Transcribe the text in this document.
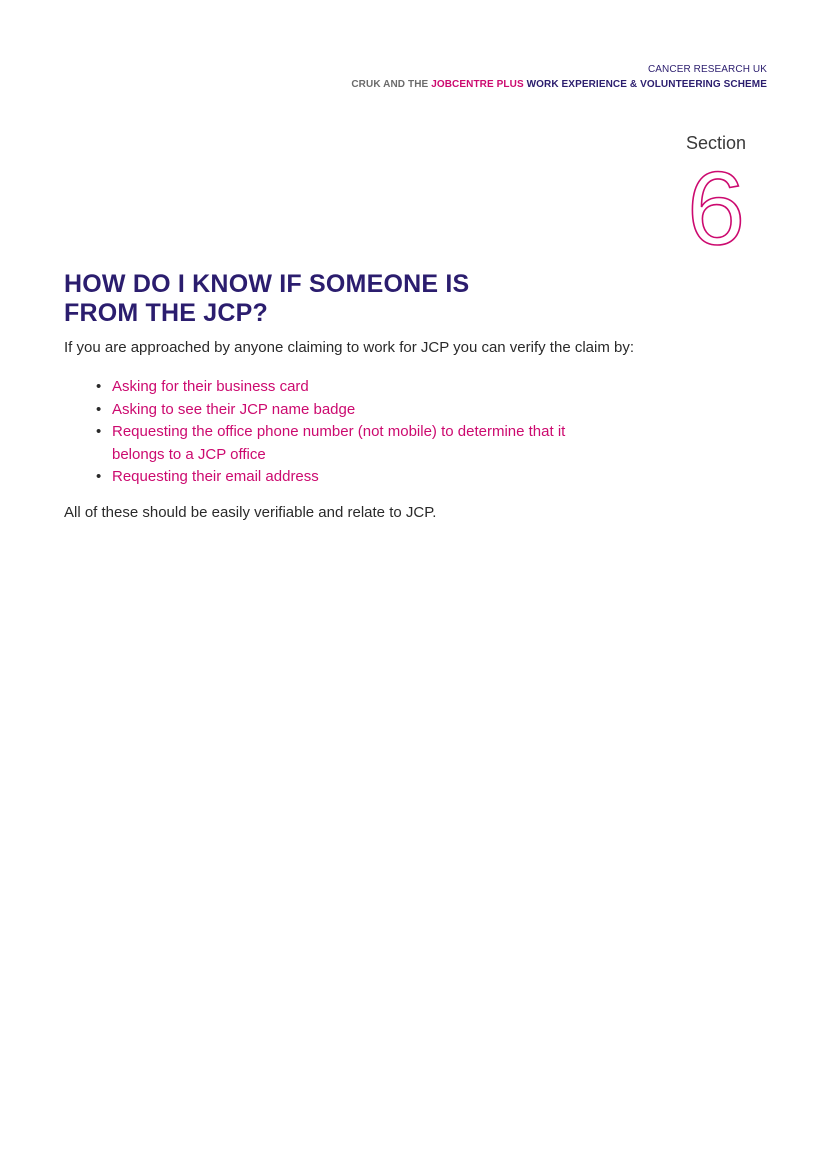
CANCER RESEARCH UK
CRUK AND THE JOBCENTRE PLUS WORK EXPERIENCE & VOLUNTEERING SCHEME
Section
6
HOW DO I KNOW IF SOMEONE IS
FROM THE JCP?

If you are approached by anyone claiming to work for JCP you can verify the claim by:

• Asking for their business card
• Asking to see their JCP name badge
• Requesting the office phone number (not mobile) to determine that it belongs to a JCP office
• Requesting their email address

All of these should be easily verifiable and relate to JCP.
